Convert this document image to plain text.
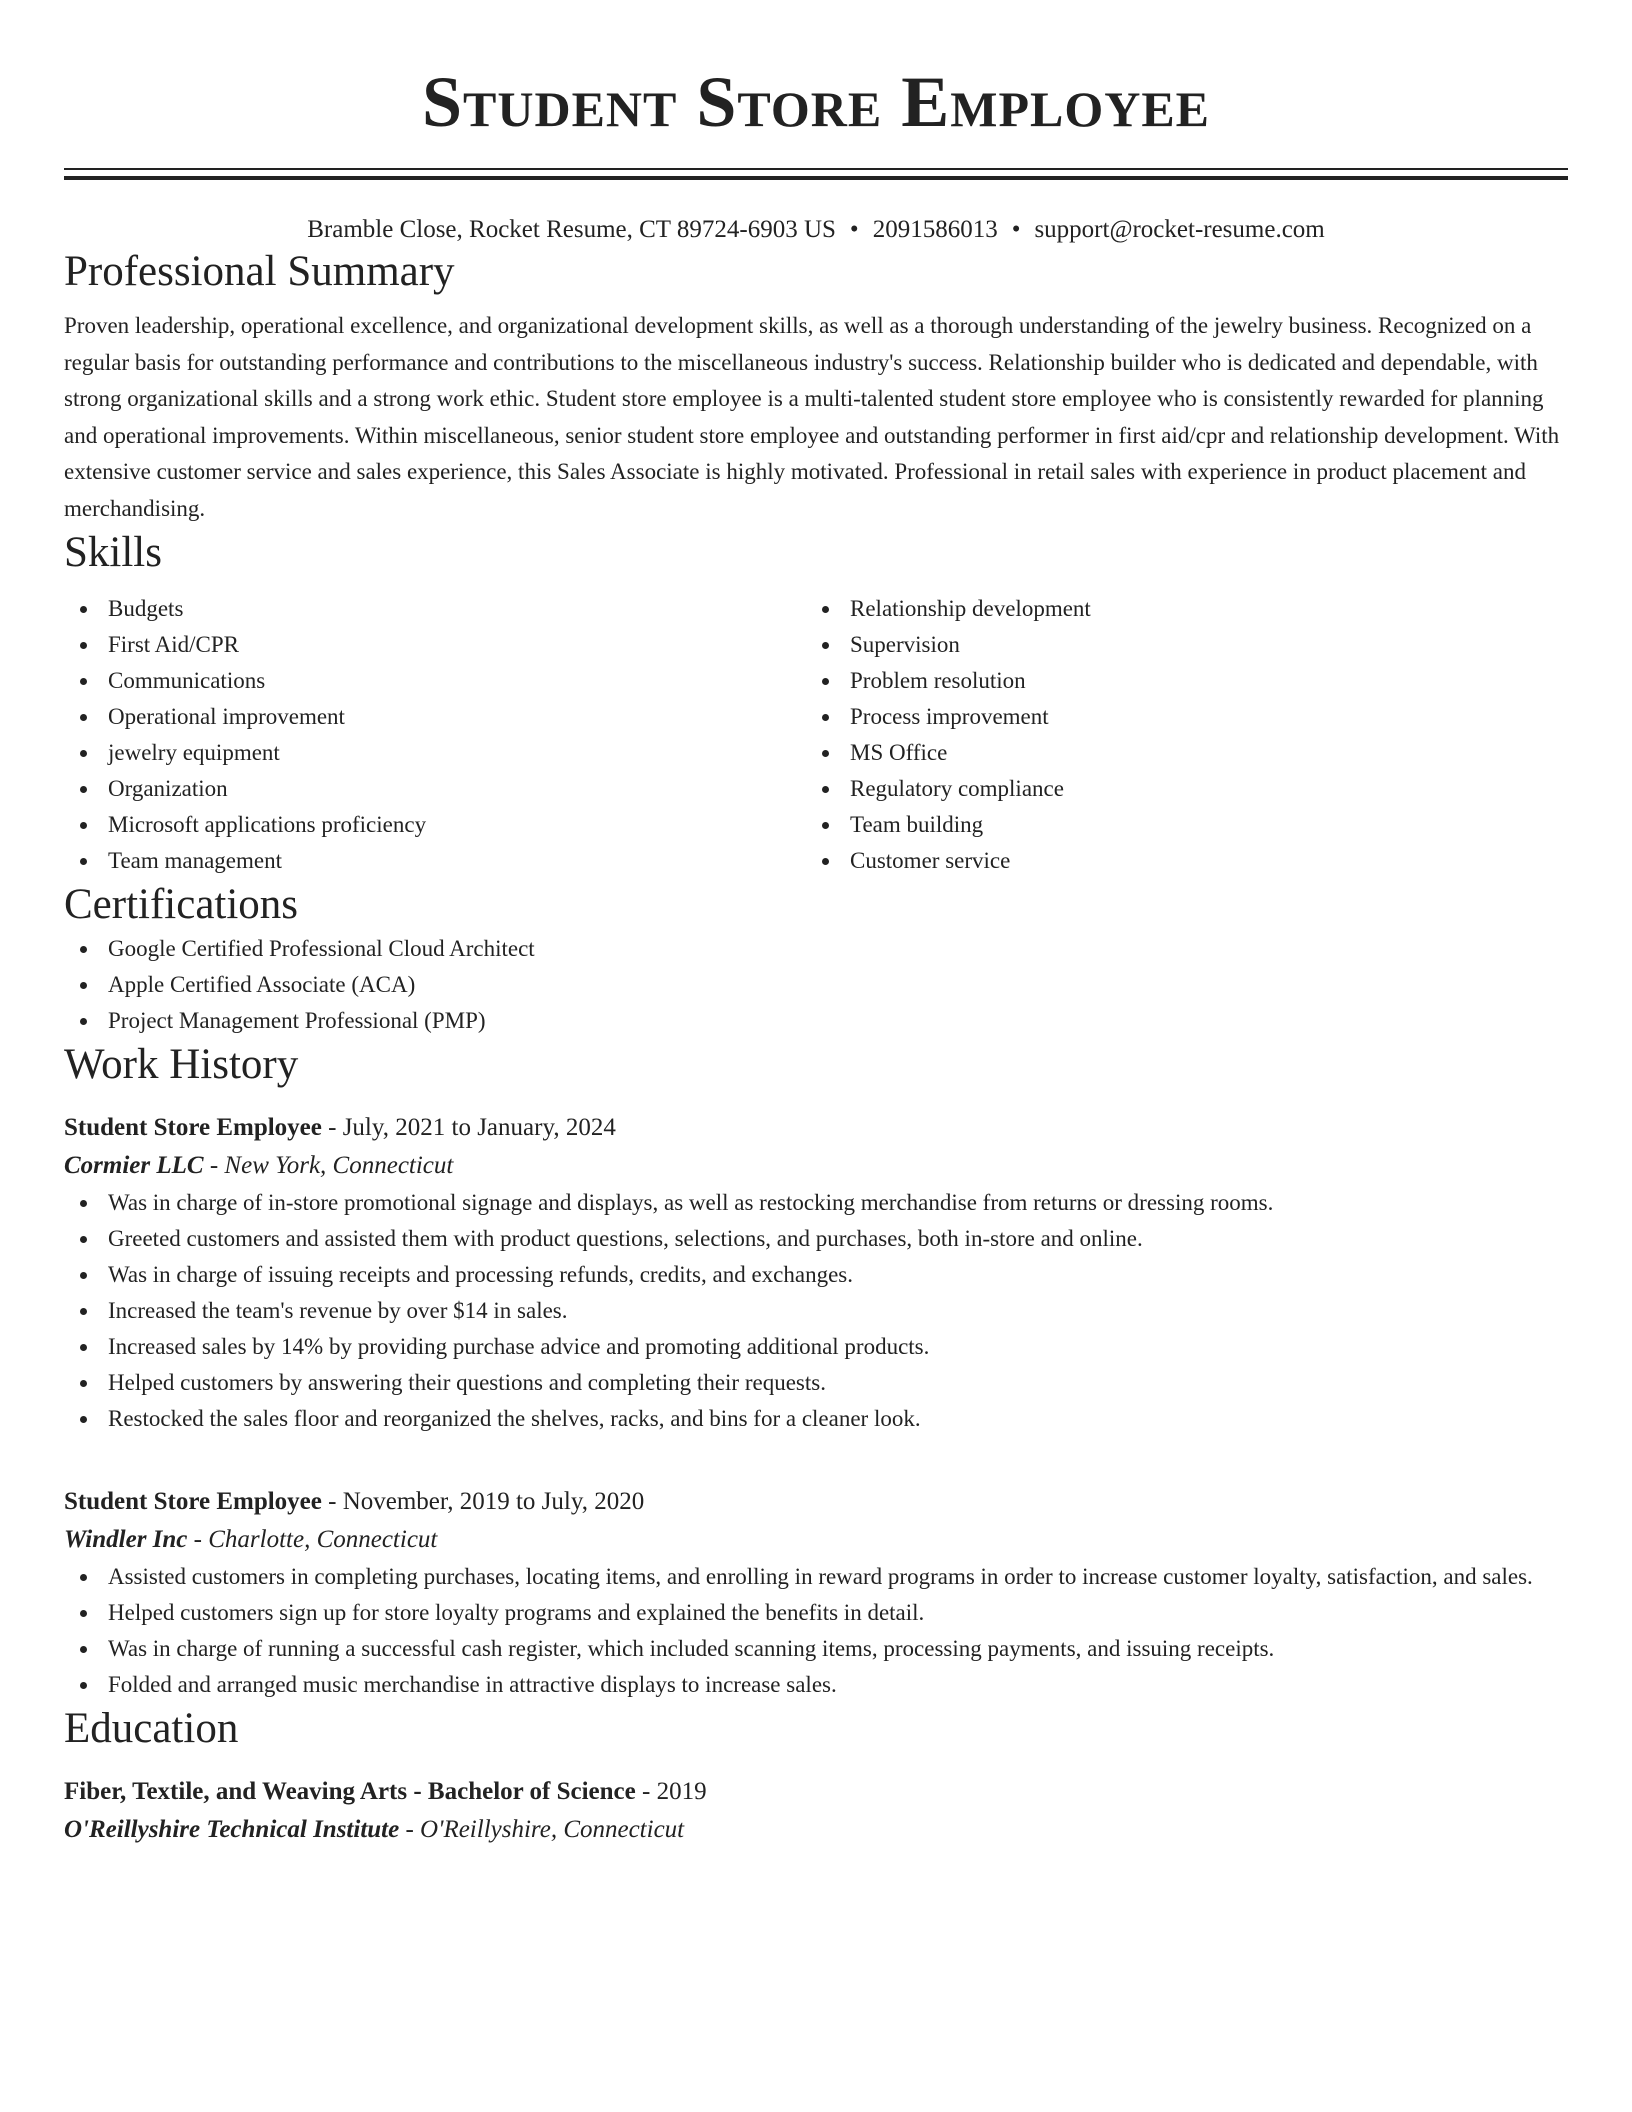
Student Store Employee
Bramble Close, Rocket Resume, CT 89724-6903 US • 2091586013 • support@rocket-resume.com
Professional Summary

Proven leadership, operational excellence, and organizational development skills, as well as a thorough understanding of the jewelry business. Recognized on a regular basis for outstanding performance and contributions to the miscellaneous industry's success. Relationship builder who is dedicated and dependable, with strong organizational skills and a strong work ethic. Student store employee is a multi-talented student store employee who is consistently rewarded for planning and operational improvements. Within miscellaneous, senior student store employee and outstanding performer in first aid/cpr and relationship development. With extensive customer service and sales experience, this Sales Associate is highly motivated. Professional in retail sales with experience in product placement and merchandising.

Skills
Budgets
First Aid/CPR
Communications
Operational improvement
jewelry equipment
Organization
Microsoft applications proficiency
Team management
Relationship development
Supervision
Problem resolution
Process improvement
MS Office
Regulatory compliance
Team building
Customer service
Certifications
Google Certified Professional Cloud Architect
Apple Certified Associate (ACA)
Project Management Professional (PMP)
Work History
Student Store Employee - July, 2021 to January, 2024
Cormier LLC - New York, Connecticut
Was in charge of in-store promotional signage and displays, as well as restocking merchandise from returns or dressing rooms.
Greeted customers and assisted them with product questions, selections, and purchases, both in-store and online.
Was in charge of issuing receipts and processing refunds, credits, and exchanges.
Increased the team's revenue by over $14 in sales.
Increased sales by 14% by providing purchase advice and promoting additional products.
Helped customers by answering their questions and completing their requests.
Restocked the sales floor and reorganized the shelves, racks, and bins for a cleaner look.
Student Store Employee - November, 2019 to July, 2020
Windler Inc - Charlotte, Connecticut
Assisted customers in completing purchases, locating items, and enrolling in reward programs in order to increase customer loyalty, satisfaction, and sales.
Helped customers sign up for store loyalty programs and explained the benefits in detail.
Was in charge of running a successful cash register, which included scanning items, processing payments, and issuing receipts.
Folded and arranged music merchandise in attractive displays to increase sales.
Education
Fiber, Textile, and Weaving Arts - Bachelor of Science - 2019
O'Reillyshire Technical Institute - O'Reillyshire, Connecticut
